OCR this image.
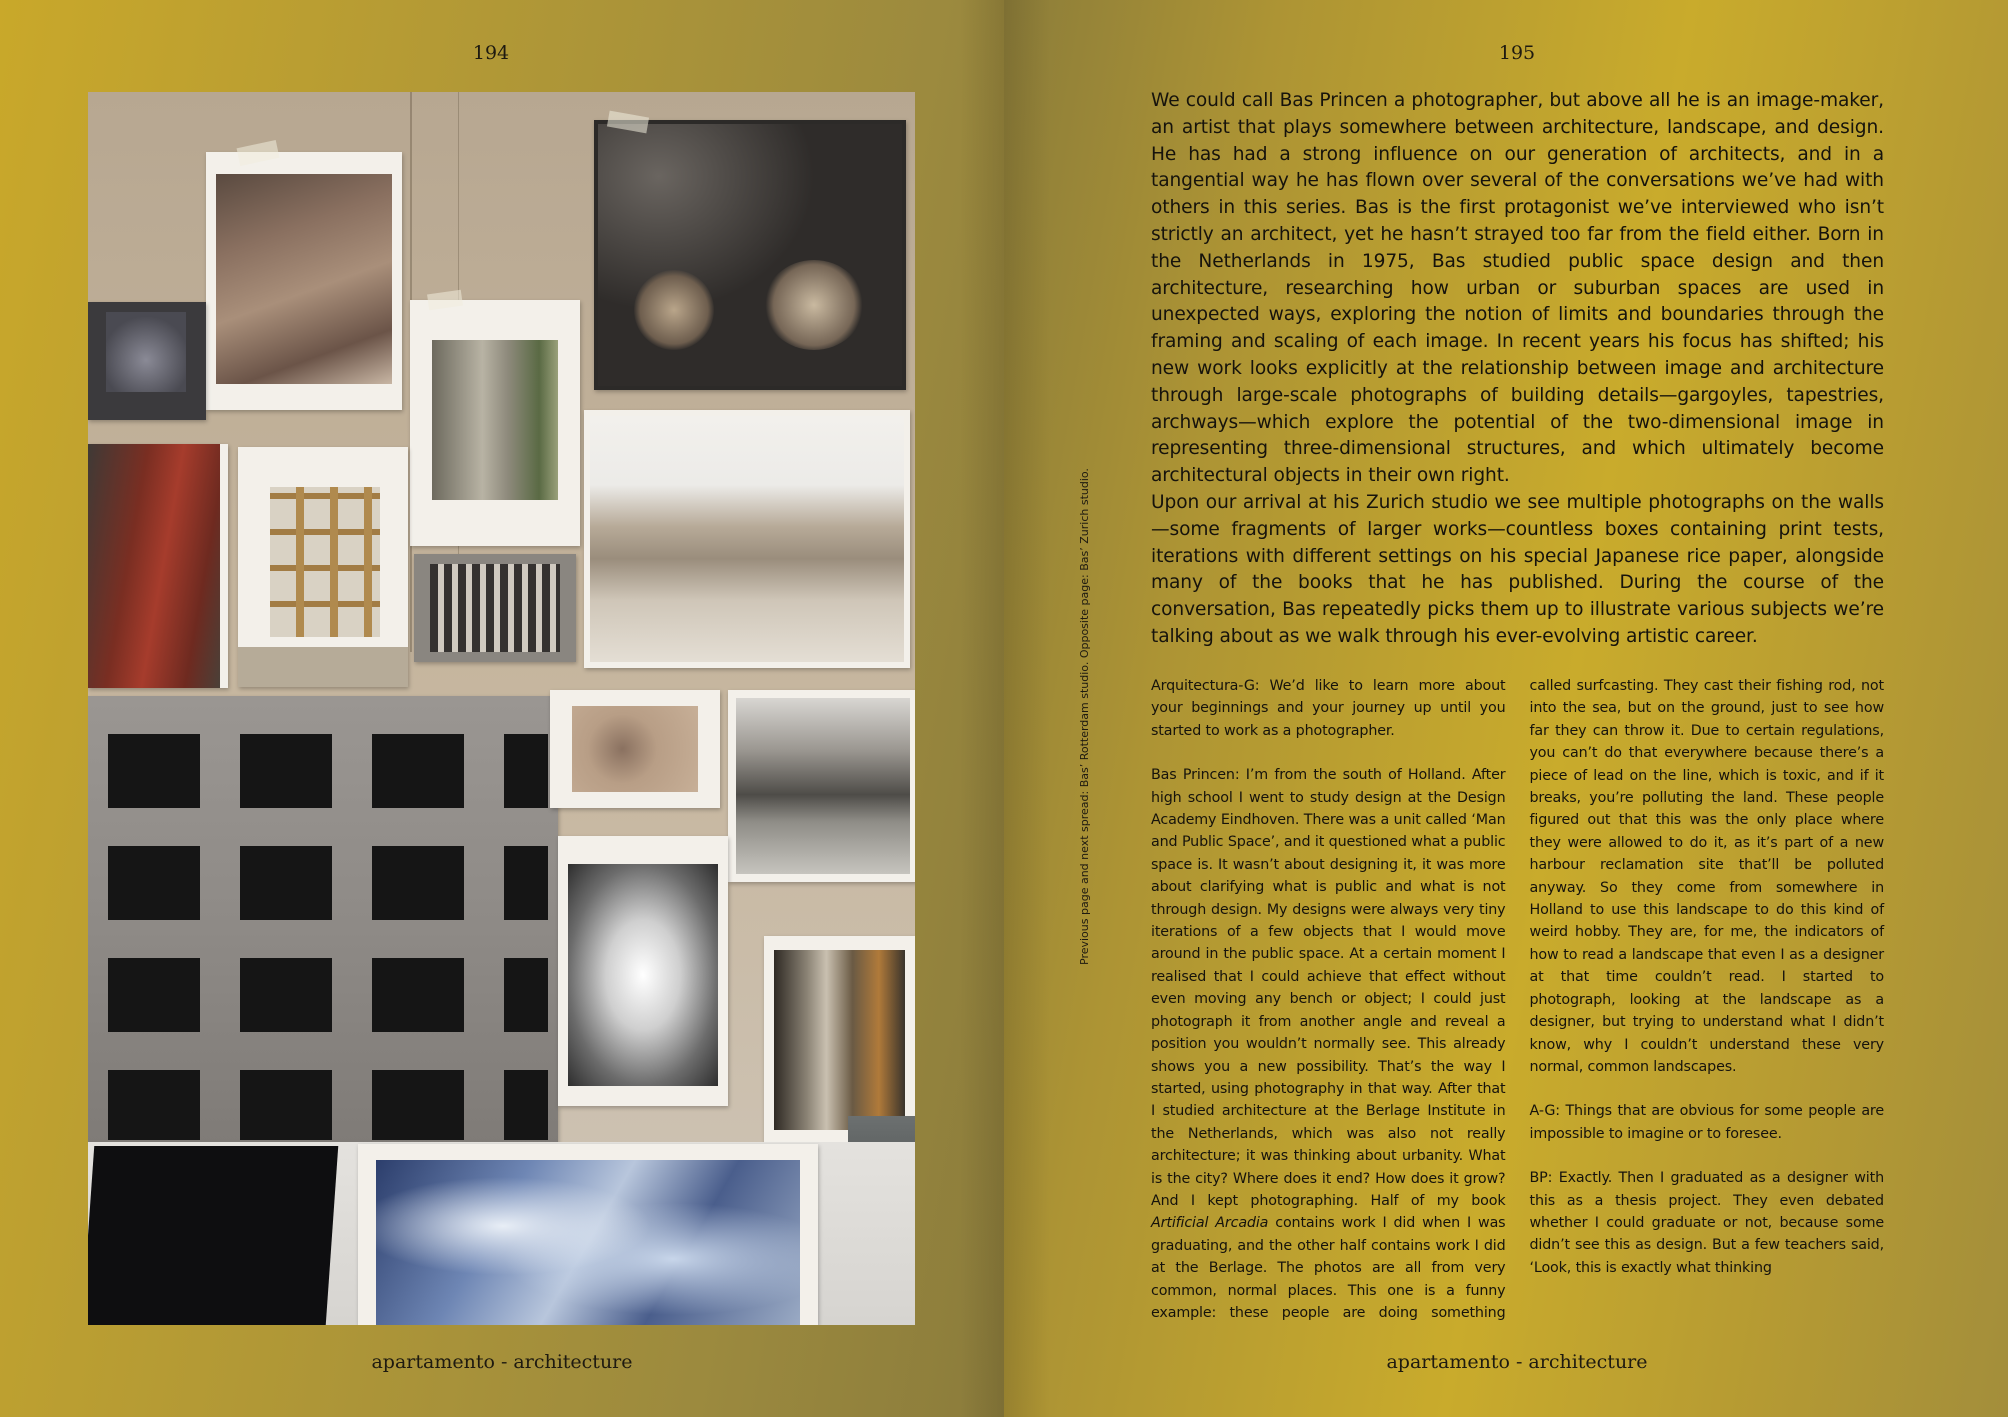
194
apartamento - architecture
195
apartamento - architecture
Previous page and next spread: Bas’ Rotterdam studio. Opposite page: Bas’ Zurich studio.

We could call Bas Princen a photographer, but above all he is an image-maker, an artist that plays somewhere between architecture, landscape, and design. He has had a strong influence on our generation of architects, and in a tangential way he has flown over several of the conversations we’ve had with others in this series. Bas is the first protagonist we’ve interviewed who isn’t strictly an architect, yet he hasn’t strayed too far from the field either. Born in the Netherlands in 1975, Bas studied public space design and then architecture, researching how urban or suburban spaces are used in unexpected ways, exploring the notion of limits and boundaries through the framing and scaling of each image. In recent years his focus has shifted; his new work looks explicitly at the relationship between image and architecture through large-scale photographs of building details—gargoyles, tapestries, archways—which explore the potential of the two-dimensional image in representing three-dimensional structures, and which ultimately become architectural objects in their own right.

Upon our arrival at his Zurich studio we see multiple photographs on the walls—some fragments of larger works—countless boxes containing print tests, iterations with different settings on his special Japanese rice paper, alongside many of the books that he has published. During the course of the conversation, Bas repeatedly picks them up to illustrate various subjects we’re talking about as we walk through his ever-evolving artistic career.

Arquitectura-G: We’d like to learn more about your beginnings and your journey up until you started to work as a photographer.

Bas Princen: I’m from the south of Holland. After high school I went to study design at the Design Academy Eindhoven. There was a unit called ‘Man and Public Space’, and it questioned what a public space is. It wasn’t about designing it, it was more about clarifying what is public and what is not through design. My designs were always very tiny iterations of a few objects that I would move around in the public space. At a certain moment I realised that I could achieve that effect without even moving any bench or object; I could just photograph it from another angle and reveal a position you wouldn’t normally see. This already shows you a new possibility. That’s the way I started, using photography in that way. After that I studied architecture at the Berlage Institute in the Netherlands, which was also not really architecture; it was thinking about urbanity. What is the city? Where does it end? How does it grow? And I kept photographing. Half of my book Artificial Arcadia contains work I did when I was graduating, and the other half contains work I did at the Berlage. The photos are all from very common, normal places. This one is a funny example: these people are doing something called surfcasting. They cast their fishing rod, not into the sea, but on the ground, just to see how far they can throw it. Due to certain regulations, you can’t do that everywhere because there’s a piece of lead on the line, which is toxic, and if it breaks, you’re polluting the land. These people figured out that this was the only place where they were allowed to do it, as it’s part of a new harbour reclamation site that’ll be polluted anyway. So they come from somewhere in Holland to use this landscape to do this kind of weird hobby. They are, for me, the indicators of how to read a landscape that even I as a designer at that time couldn’t read. I started to photograph, looking at the landscape as a designer, but trying to understand what I didn’t know, why I couldn’t understand these very normal, common landscapes.

A-G: Things that are obvious for some people are impossible to imagine or to foresee.

BP: Exactly. Then I graduated as a designer with this as a thesis project. They even debated whether I could graduate or not, because some didn’t see this as design. But a few teachers said, ‘Look, this is exactly what thinking
